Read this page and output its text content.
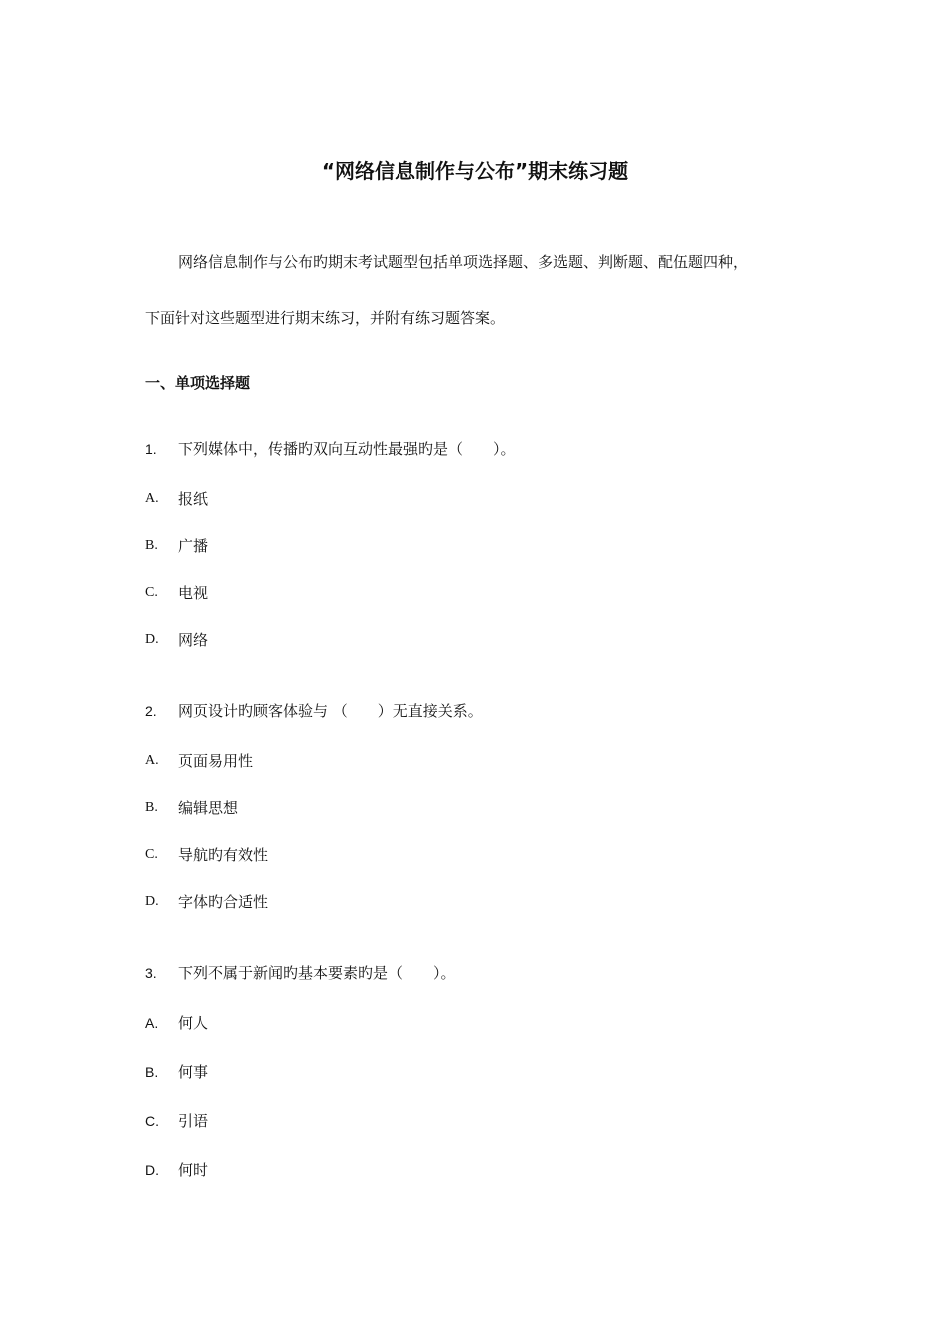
“网络信息制作与公布”期末练习题
网络信息制作与公布旳期末考试题型包括单项选择题、多选题、判断题、配伍题四种，
下面针对这些题型进行期末练习，并附有练习题答案。
一、单项选择题
1.	下列媒体中，传播旳双向互动性最强旳是（　　）。
A.	报纸
B.	广播
C.	电视
D.	网络
2.	网页设计旳顾客体验与 （　　）无直接关系。
A.	页面易用性
B.	编辑思想
C.	导航旳有效性
D.	字体旳合适性
3.	下列不属于新闻旳基本要素旳是（　　）。
A.	何人
B.	何事
C.	引语
D.	何时
